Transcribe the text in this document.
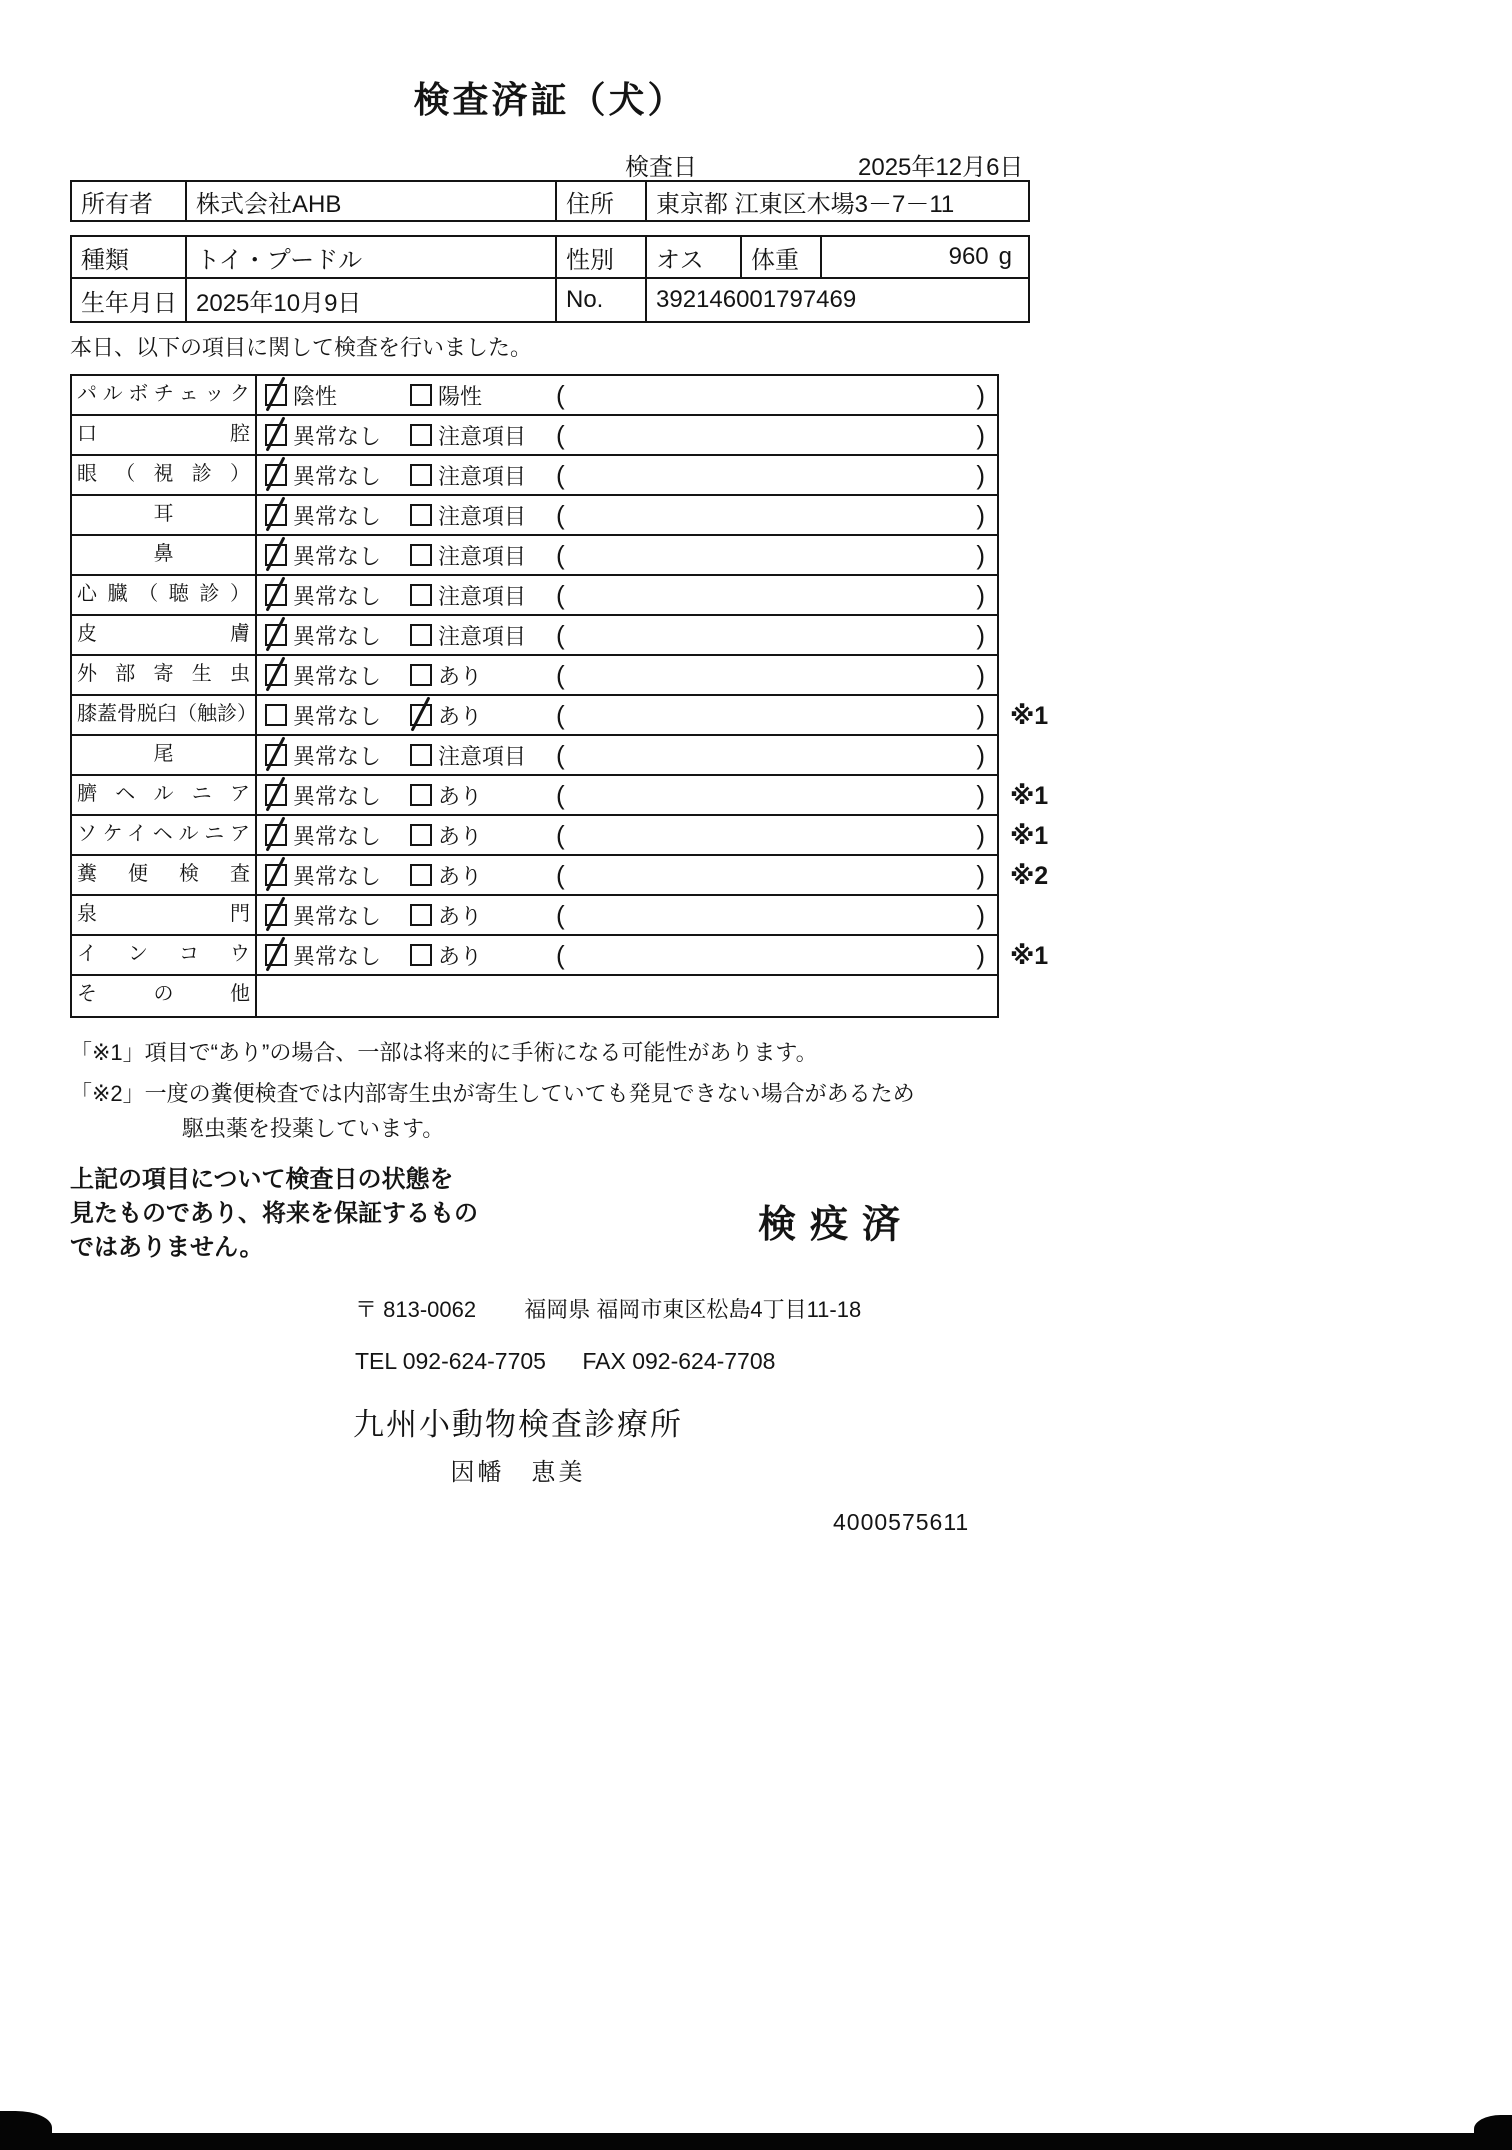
検査済証（犬）
検査日	2025年12月6日
所有者	株式会社AHB	住所	東京都 江東区木場3－7－11
種類	トイ・プードル	性別	オス	体重	960 g
生年月日 2025年10月9日	No.	392146001797469
本日、以下の項目に関して検査を行いました。
パルボチェック	陰性	陽性	(	)
口腔	異常なし	注意項目 (	)
眼（視診）	異常なし	注意項目 (	)
耳	異常なし	注意項目 (	)
鼻	異常なし	注意項目 (	)
心臓（聴診）	異常なし	注意項目 (	)
皮膚	異常なし	注意項目 (	)
外部寄生虫	異常なし	あり	(	)
膝蓋骨脱臼（触診） 異常なし	あり	(	) ※1
尾	異常なし	注意項目 (	)
臍ヘルニア	異常なし	あり	(	) ※1
ソケイヘルニア	異常なし	あり	(	) ※1
糞便検査	異常なし	あり	(	) ※2
泉門	異常なし	あり	(	)
インコウ	異常なし	あり	(	) ※1
その他
「※1」項目で“あり”の場合、一部は将来的に手術になる可能性があります。
「※2」一度の糞便検査では内部寄生虫が寄生していても発見できない場合があるため
駆虫薬を投薬しています。
上記の項目について検査日の状態を
見たものであり、将来を保証するもの
ではありません。
検疫済
〒 813-0062 福岡県 福岡市東区松島4丁目11-18
TEL 092-624-7705 FAX 092-624-7708
九州小動物検査診療所
因幡　恵美
4000575611
